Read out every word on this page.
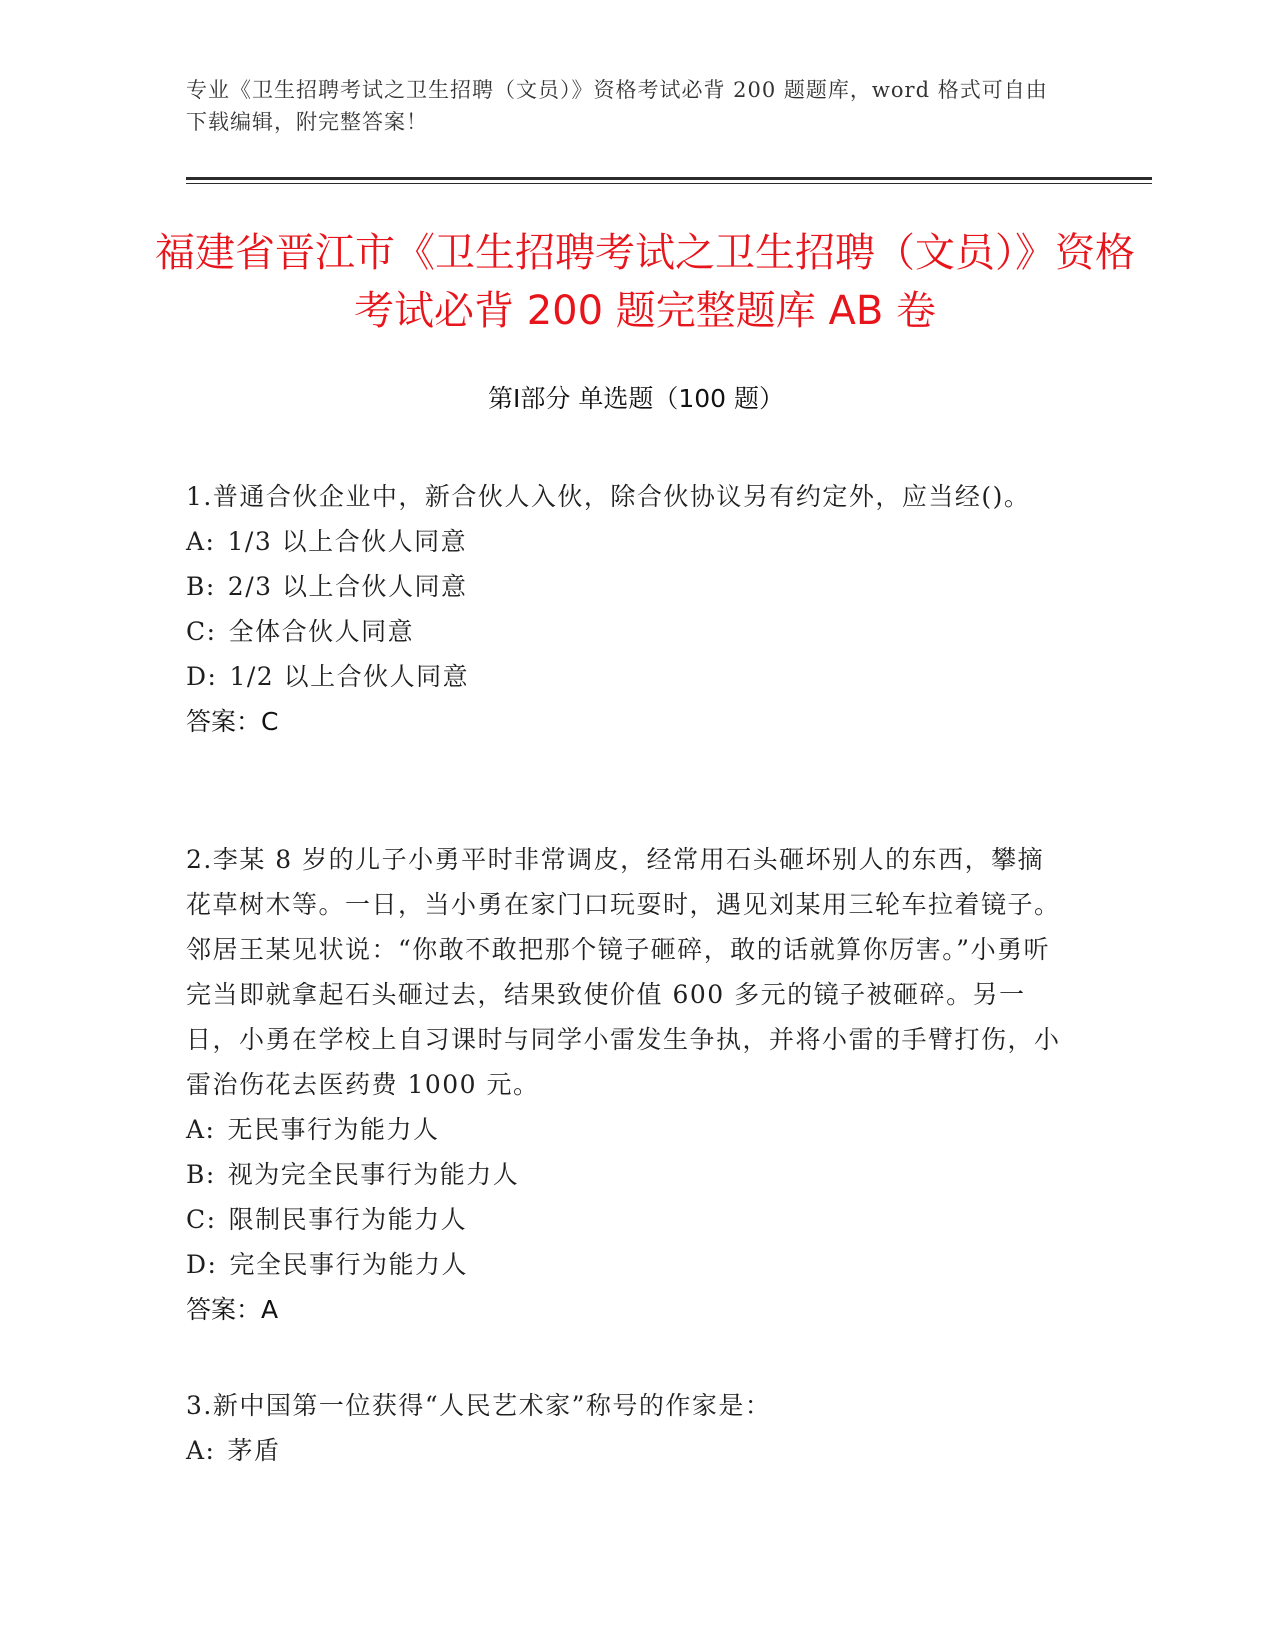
专业《卫生招聘考试之卫生招聘（文员）》资格考试必背 200 题题库，word 格式可自由下载编辑，附完整答案！
福建省晋江市《卫生招聘考试之卫生招聘（文员）》资格考试必背 200 题完整题库 AB 卷
第Ⅰ部分 单选题（100 题）
1.普通合伙企业中，新合伙人入伙，除合伙协议另有约定外，应当经()。
A: 1/3 以上合伙人同意
B: 2/3 以上合伙人同意
C: 全体合伙人同意
D: 1/2 以上合伙人同意
答案：C
2.李某 8 岁的儿子小勇平时非常调皮，经常用石头砸坏别人的东西，攀摘花草树木等。一日，当小勇在家门口玩耍时，遇见刘某用三轮车拉着镜子。邻居王某见状说：“你敢不敢把那个镜子砸碎，敢的话就算你厉害。”小勇听完当即就拿起石头砸过去，结果致使价值 600 多元的镜子被砸碎。另一日，小勇在学校上自习课时与同学小雷发生争执，并将小雷的手臂打伤，小雷治伤花去医药费 1000 元。
A: 无民事行为能力人
B: 视为完全民事行为能力人
C: 限制民事行为能力人
D: 完全民事行为能力人
答案：A
3.新中国第一位获得“人民艺术家”称号的作家是：
A: 茅盾
